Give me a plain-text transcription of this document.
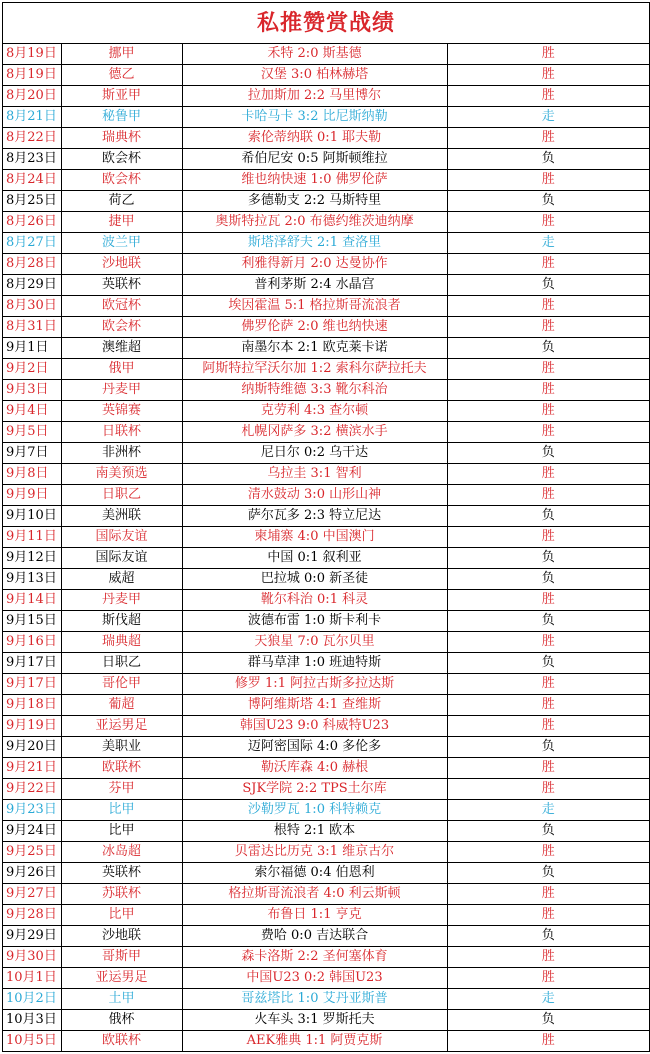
私推赞赏战绩
8月19日	挪甲	禾特 2:0 斯基德	胜
8月19日	德乙	汉堡 3:0 柏林赫塔	胜
8月20日	斯亚甲	拉加斯加 2:2 马里博尔	胜
8月21日	秘鲁甲	卡哈马卡 3:2 比尼斯纳勒	走
8月22日	瑞典杯	索伦蒂纳联 0:1 耶夫勒	胜
8月23日	欧会杯	希伯尼安 0:5 阿斯顿维拉	负
8月24日	欧会杯	维也纳快速 1:0 佛罗伦萨	胜
8月25日	荷乙	多德勒支 2:2 马斯特里	负
8月26日	捷甲	奥斯特拉瓦 2:0 布德约维茨迪纳摩	胜
8月27日	波兰甲	斯塔泽舒夫 2:1 查洛里	走
8月28日	沙地联	利雅得新月 2:0 达曼协作	胜
8月29日	英联杯	普利茅斯 2:4 水晶宫	负
8月30日	欧冠杯	埃因霍温 5:1 格拉斯哥流浪者	胜
8月31日	欧会杯	佛罗伦萨 2:0 维也纳快速	胜
9月1日	澳维超	南墨尔本 2:1 欧克莱卡诺	负
9月2日	俄甲	阿斯特拉罕沃尔加 1:2 索科尔萨拉托夫	胜
9月3日	丹麦甲	纳斯特维德 3:3 靴尔科治	胜
9月4日	英锦赛	克劳利 4:3 查尔顿	胜
9月5日	日联杯	札幌冈萨多 3:2 横滨水手	胜
9月7日	非洲杯	尼日尔 0:2 乌干达	负
9月8日	南美预选	乌拉圭 3:1 智利	胜
9月9日	日职乙	清水鼓动 3:0 山形山神	胜
9月10日	美洲联	萨尔瓦多 2:3 特立尼达	负
9月11日	国际友谊	柬埔寨 4:0 中国澳门	胜
9月12日	国际友谊	中国 0:1 叙利亚	负
9月13日	威超	巴拉城 0:0 新圣徒	负
9月14日	丹麦甲	靴尔科治 0:1 科灵	胜
9月15日	斯伐超	波德布雷 1:0 斯卡利卡	负
9月16日	瑞典超	天狼星 7:0 瓦尔贝里	胜
9月17日	日职乙	群马草津 1:0 班迪特斯	负
9月17日	哥伦甲	修罗 1:1 阿拉古斯多拉达斯	胜
9月18日	葡超	博阿维斯塔 4:1 查维斯	胜
9月19日	亚运男足	韩国U23 9:0 科威特U23	胜
9月20日	美职业	迈阿密国际 4:0 多伦多	负
9月21日	欧联杯	勒沃库森 4:0 赫根	胜
9月22日	芬甲	SJK学院 2:2 TPS土尔库	胜
9月23日	比甲	沙勒罗瓦 1:0 科特赖克	走
9月24日	比甲	根特 2:1 欧本	负
9月25日	冰岛超	贝雷达比历克 3:1 维京古尔	胜
9月26日	英联杯	索尔福德 0:4 伯恩利	负
9月27日	苏联杯	格拉斯哥流浪者 4:0 利云斯顿	胜
9月28日	比甲	布鲁日 1:1 亨克	胜
9月29日	沙地联	费哈 0:0 吉达联合	负
9月30日	哥斯甲	森卡洛斯 2:2 圣何塞体育	胜
10月1日	亚运男足	中国U23 0:2 韩国U23	胜
10月2日	土甲	哥兹塔比 1:0 艾丹亚斯普	走
10月3日	俄杯	火车头 3:1 罗斯托夫	负
10月5日	欧联杯	AEK雅典 1:1 阿贾克斯	胜
